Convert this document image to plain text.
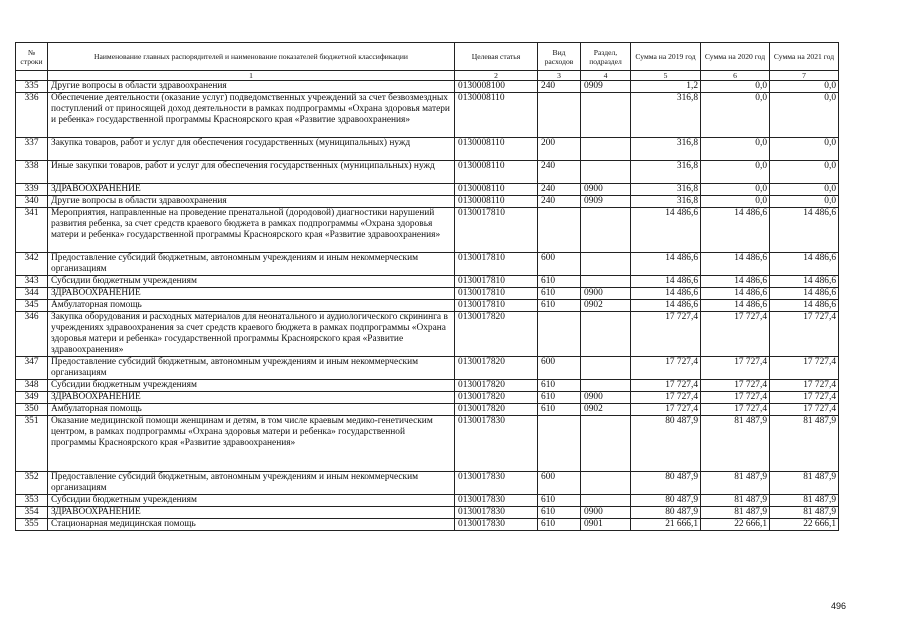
№ строки	Наименование главных распорядителей и наименование показателей бюджетной классификации	Целевая статья	Вид расходов	Раздел, подраздел	Сумма на 2019 год	Сумма на 2020 год	Сумма на 2021 год
	1	2	3	4	5	6	7
335	Другие вопросы в области здравоохранения	0130008100	240	0909	1,2	0,0	0,0
336	Обеспечение деятельности (оказание услуг) подведомственных учреждений за счет безвозмездных поступлений от приносящей доход деятельности в рамках подпрограммы «Охрана здоровья матери и ребенка» государственной программы Красноярского края «Развитие здравоохранения»	0130008110			316,8	0,0	0,0
337	Закупка товаров, работ и услуг для обеспечения государственных (муниципальных) нужд	0130008110	200		316,8	0,0	0,0
338	Иные закупки товаров, работ и услуг для обеспечения государственных (муниципальных) нужд	0130008110	240		316,8	0,0	0,0
339	ЗДРАВООХРАНЕНИЕ	0130008110	240	0900	316,8	0,0	0,0
340	Другие вопросы в области здравоохранения	0130008110	240	0909	316,8	0,0	0,0
341	Мероприятия, направленные на проведение пренатальной (дородовой) диагностики нарушений развития ребенка, за счет средств краевого бюджета в рамках подпрограммы «Охрана здоровья матери и ребенка» государственной программы Красноярского края «Развитие здравоохранения»	0130017810			14 486,6	14 486,6	14 486,6
342	Предоставление субсидий бюджетным, автономным учреждениям и иным некоммерческим организациям	0130017810	600		14 486,6	14 486,6	14 486,6
343	Субсидии бюджетным учреждениям	0130017810	610		14 486,6	14 486,6	14 486,6
344	ЗДРАВООХРАНЕНИЕ	0130017810	610	0900	14 486,6	14 486,6	14 486,6
345	Амбулаторная помощь	0130017810	610	0902	14 486,6	14 486,6	14 486,6
346	Закупка оборудования и расходных материалов для неонатального и аудиологического скрининга в учреждениях здравоохранения за счет средств краевого бюджета в рамках подпрограммы «Охрана здоровья матери и ребенка» государственной программы Красноярского края «Развитие здравоохранения»	0130017820			17 727,4	17 727,4	17 727,4
347	Предоставление субсидий бюджетным, автономным учреждениям и иным некоммерческим организациям	0130017820	600		17 727,4	17 727,4	17 727,4
348	Субсидии бюджетным учреждениям	0130017820	610		17 727,4	17 727,4	17 727,4
349	ЗДРАВООХРАНЕНИЕ	0130017820	610	0900	17 727,4	17 727,4	17 727,4
350	Амбулаторная помощь	0130017820	610	0902	17 727,4	17 727,4	17 727,4
351	Оказание медицинской помощи женщинам и детям, в том числе краевым медико-генетическим центром, в рамках подпрограммы «Охрана здоровья матери и ребенка» государственной программы Красноярского края «Развитие здравоохранения»	0130017830			80 487,9	81 487,9	81 487,9
352	Предоставление субсидий бюджетным, автономным учреждениям и иным некоммерческим организациям	0130017830	600		80 487,9	81 487,9	81 487,9
353	Субсидии бюджетным учреждениям	0130017830	610		80 487,9	81 487,9	81 487,9
354	ЗДРАВООХРАНЕНИЕ	0130017830	610	0900	80 487,9	81 487,9	81 487,9
355	Стационарная медицинская помощь	0130017830	610	0901	21 666,1	22 666,1	22 666,1
496
